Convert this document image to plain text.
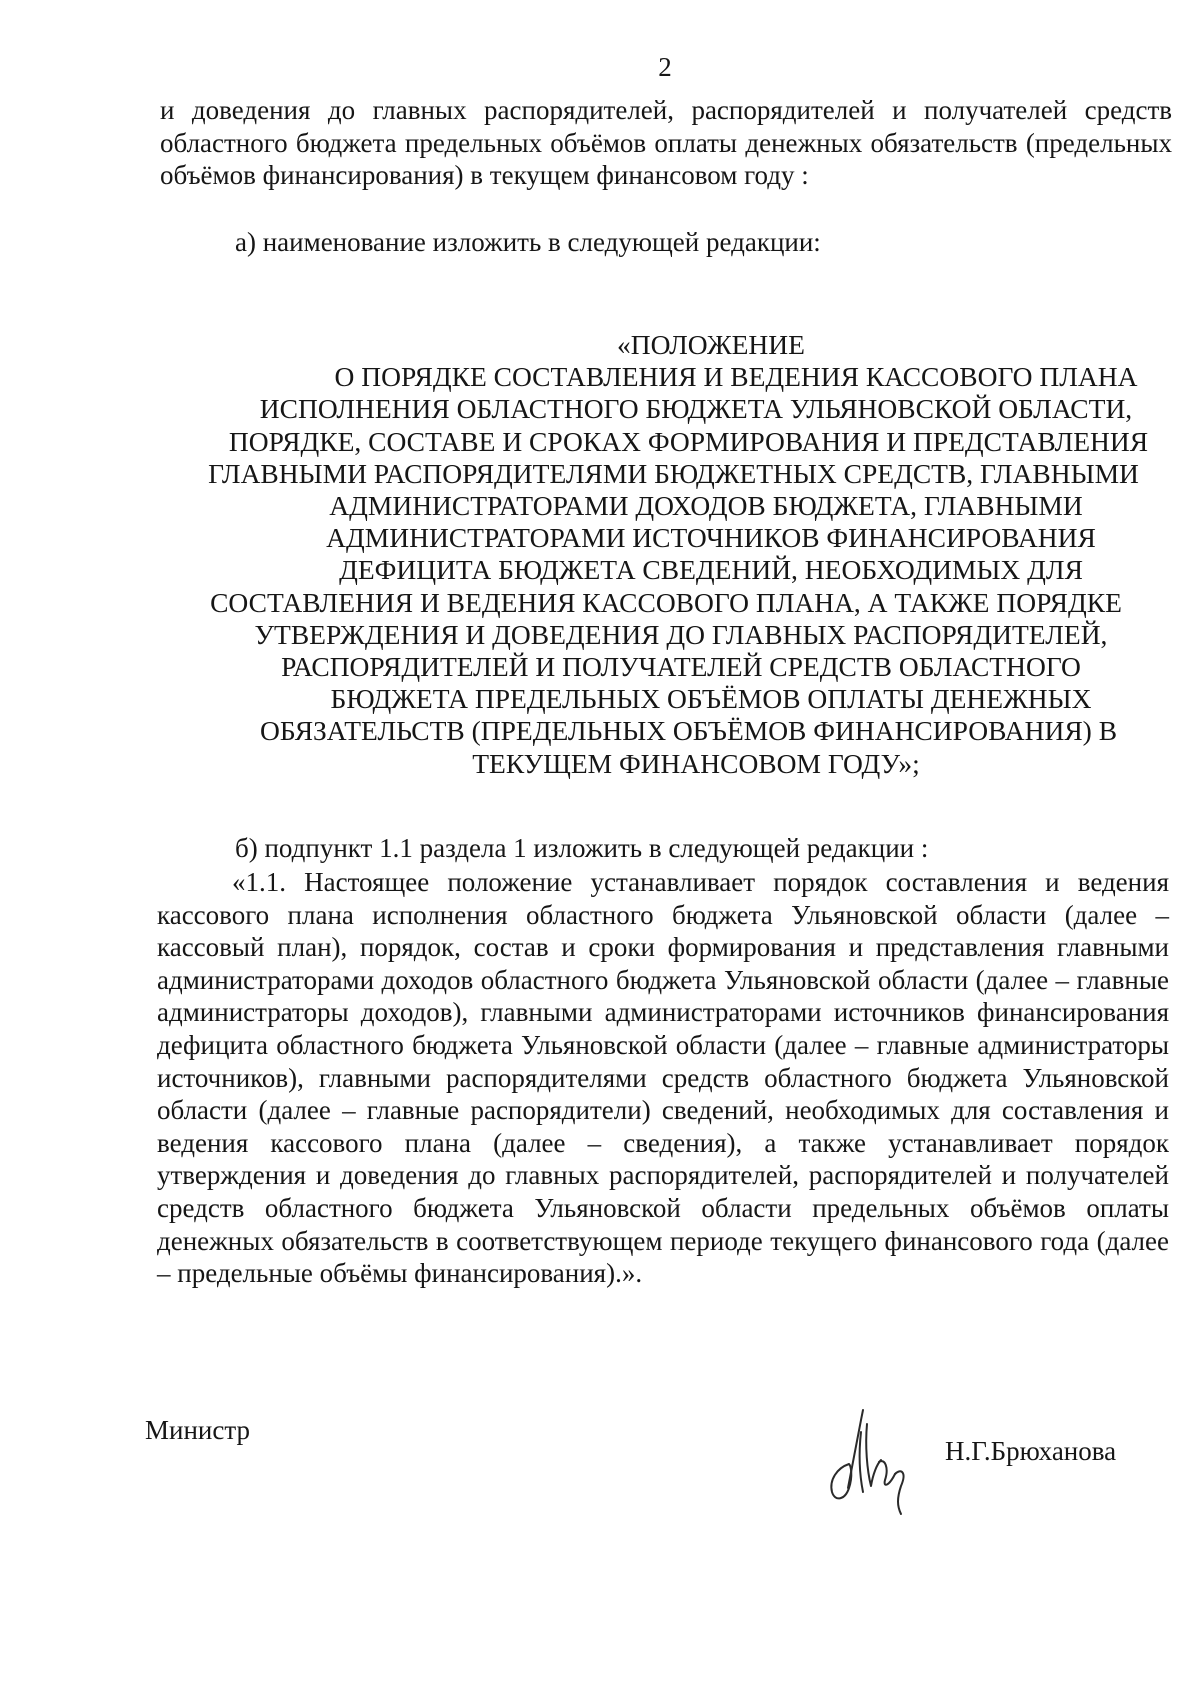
2

и доведения до главных распорядителей, распорядителей и получателей средств областного бюджета предельных объёмов оплаты денежных обязательств (предельных объёмов финансирования) в текущем финансовом году :

а) наименование изложить в следующей редакции:

«ПОЛОЖЕНИЕ
О ПОРЯДКЕ СОСТАВЛЕНИЯ И ВЕДЕНИЯ КАССОВОГО ПЛАНА
ИСПОЛНЕНИЯ ОБЛАСТНОГО БЮДЖЕТА УЛЬЯНОВСКОЙ ОБЛАСТИ,
ПОРЯДКЕ, СОСТАВЕ И СРОКАХ ФОРМИРОВАНИЯ И ПРЕДСТАВЛЕНИЯ
ГЛАВНЫМИ РАСПОРЯДИТЕЛЯМИ БЮДЖЕТНЫХ СРЕДСТВ, ГЛАВНЫМИ
АДМИНИСТРАТОРАМИ ДОХОДОВ БЮДЖЕТА, ГЛАВНЫМИ
АДМИНИСТРАТОРАМИ ИСТОЧНИКОВ ФИНАНСИРОВАНИЯ
ДЕФИЦИТА БЮДЖЕТА СВЕДЕНИЙ, НЕОБХОДИМЫХ ДЛЯ
СОСТАВЛЕНИЯ И ВЕДЕНИЯ КАССОВОГО ПЛАНА, А ТАКЖЕ ПОРЯДКЕ
УТВЕРЖДЕНИЯ И ДОВЕДЕНИЯ ДО ГЛАВНЫХ РАСПОРЯДИТЕЛЕЙ,
РАСПОРЯДИТЕЛЕЙ И ПОЛУЧАТЕЛЕЙ СРЕДСТВ ОБЛАСТНОГО
БЮДЖЕТА ПРЕДЕЛЬНЫХ ОБЪЁМОВ ОПЛАТЫ ДЕНЕЖНЫХ
ОБЯЗАТЕЛЬСТВ (ПРЕДЕЛЬНЫХ ОБЪЁМОВ ФИНАНСИРОВАНИЯ) В
ТЕКУЩЕМ ФИНАНСОВОМ ГОДУ»;

б) подпункт 1.1 раздела 1 изложить в следующей редакции :

«1.1. Настоящее положение устанавливает порядок составления и ведения кассового плана исполнения областного бюджета Ульяновской области (далее – кассовый план), порядок, состав и сроки формирования и представления главными администраторами доходов областного бюджета Ульяновской области (далее – главные администраторы доходов), главными администраторами источников финансирования дефицита областного бюджета Ульяновской области (далее – главные администраторы источников), главными распорядителями средств областного бюджета Ульяновской области (далее – главные распорядители) сведений, необходимых для составления и ведения кассового плана (далее – сведения), а также устанавливает порядок утверждения и доведения до главных распорядителей, распорядителей и получателей средств областного бюджета Ульяновской области предельных объёмов оплаты денежных обязательств в соответствующем периоде текущего финансового года (далее – предельные объёмы финансирования).».

Министр
Н.Г.Брюханова
